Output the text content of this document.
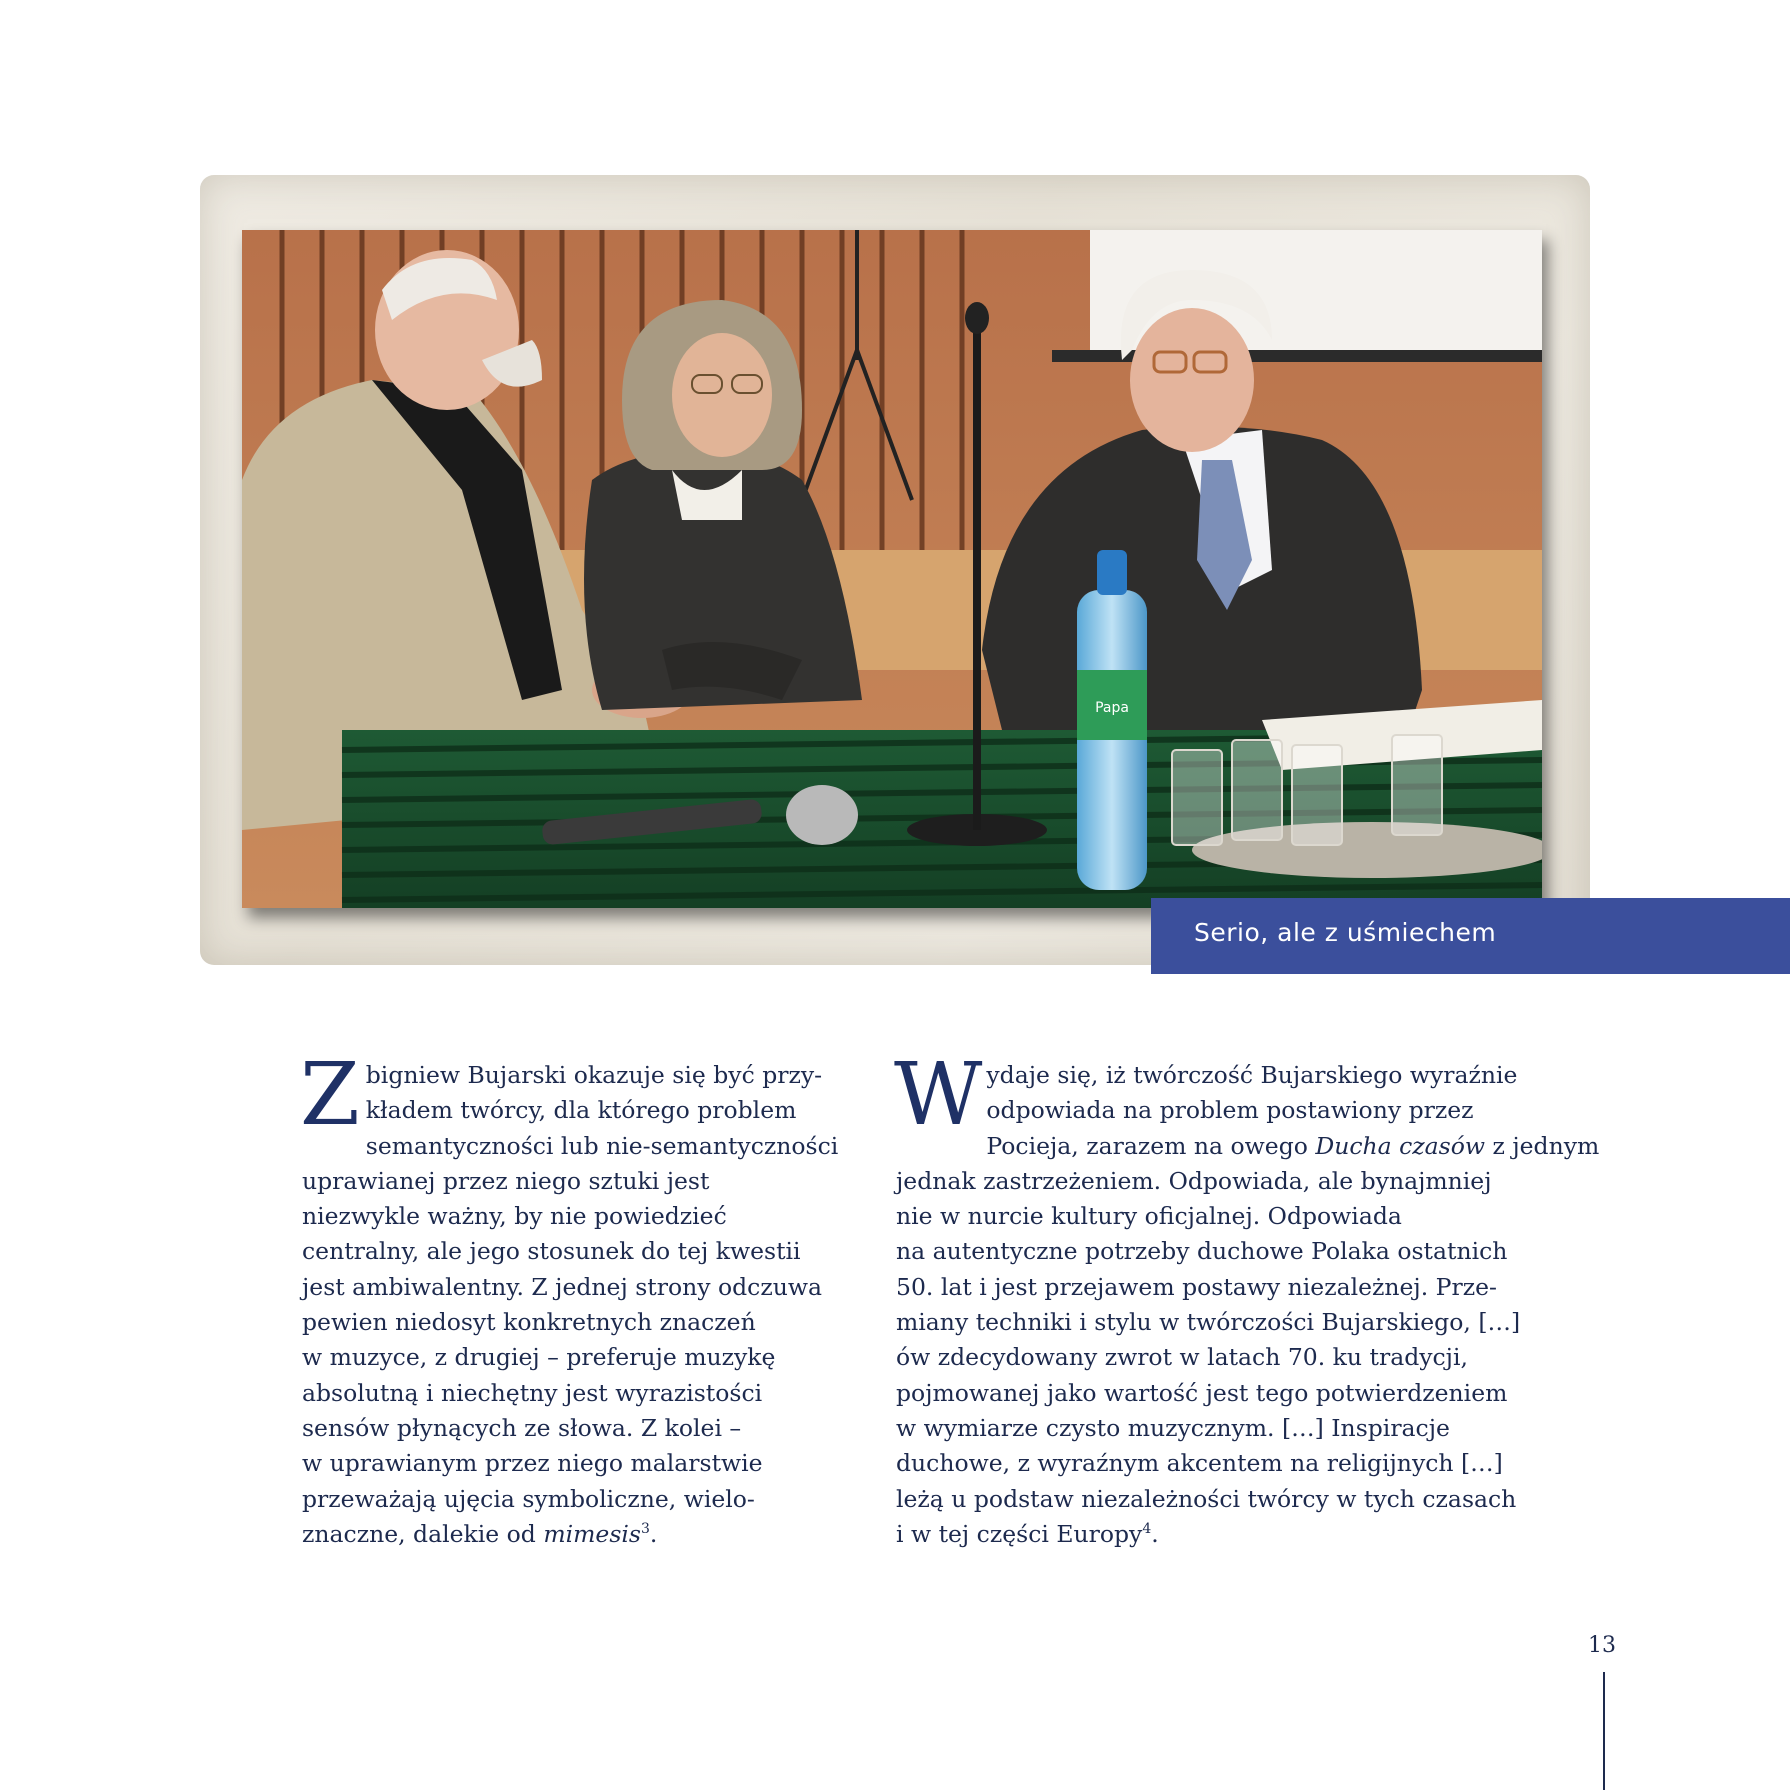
Papa
Serio, ale z uśmiechem
Z bigniew Bujarski okazuje się być przy-
kładem twórcy, dla którego problem
semantyczności lub nie-semantyczności
uprawianej przez niego sztuki jest
niezwykle ważny, by nie powiedzieć
centralny, ale jego stosunek do tej kwestii
jest ambiwalentny. Z jednej strony odczuwa
pewien niedosyt konkretnych znaczeń
w muzyce, z drugiej – preferuje muzykę
absolutną i niechętny jest wyrazistości
sensów płynących ze słowa. Z kolei –
w uprawianym przez niego malarstwie
przeważają ujęcia symboliczne, wielo-
znaczne, dalekie od mimesis$^3$.
W ydaje się, iż twórczość Bujarskiego wyraźnie
odpowiada na problem postawiony przez
Pocieja, zarazem na owego Ducha czasów z jednym
jednak zastrzeżeniem. Odpowiada, ale bynajmniej
nie w nurcie kultury oficjalnej. Odpowiada
na autentyczne potrzeby duchowe Polaka ostatnich
50. lat i jest przejawem postawy niezależnej. Prze-
miany techniki i stylu w twórczości Bujarskiego, […]
ów zdecydowany zwrot w latach 70. ku tradycji,
pojmowanej jako wartość jest tego potwierdzeniem
w wymiarze czysto muzycznym. […] Inspiracje
duchowe, z wyraźnym akcentem na religijnych […]
leżą u podstaw niezależności twórcy w tych czasach
i w tej części Europy$^4$.
13
